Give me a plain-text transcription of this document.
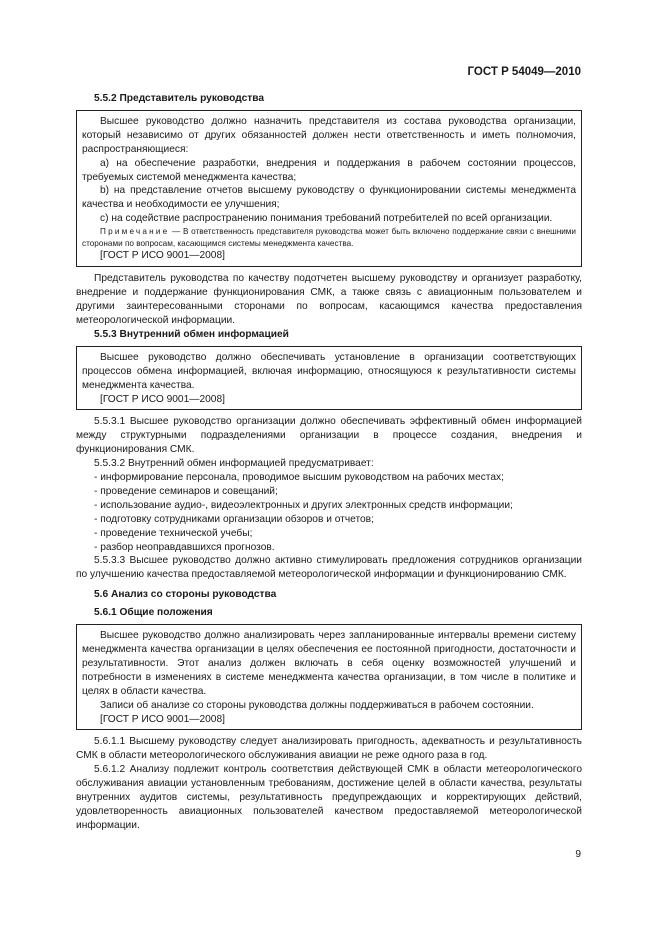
ГОСТ Р 54049—2010

5.5.2 Представитель руководства

Высшее руководство должно назначить представителя из состава руководства организации, который независимо от других обязанностей должен нести ответственность и иметь полномочия, распространяющиеся:

а) на обеспечение разработки, внедрения и поддержания в рабочем состоянии процессов, требуемых системой менеджмента качества;

b) на представление отчетов высшему руководству о функционировании системы менеджмента качества и необходимости ее улучшения;

с) на содействие распространению понимания требований потребителей по всей организации.

Примечание — В ответственность представителя руководства может быть включено поддержание связи с внешними сторонами по вопросам, касающимся системы менеджмента качества.

[ГОСТ Р ИСО 9001—2008]

Представитель руководства по качеству подотчетен высшему руководству и организует разработку, внедрение и поддержание функционирования СМК, а также связь с авиационным пользователем и другими заинтересованными сторонами по вопросам, касающимся качества предоставления метеорологической информации.

5.5.3 Внутренний обмен информацией

Высшее руководство должно обеспечивать установление в организации соответствующих процессов обмена информацией, включая информацию, относящуюся к результативности системы менеджмента качества.

[ГОСТ Р ИСО 9001—2008]

5.5.3.1 Высшее руководство организации должно обеспечивать эффективный обмен информацией между структурными подразделениями организации в процессе создания, внедрения и функционирования СМК.

5.5.3.2 Внутренний обмен информацией предусматривает:

- информирование персонала, проводимое высшим руководством на рабочих местах;

- проведение семинаров и совещаний;

- использование аудио-, видеоэлектронных и других электронных средств информации;

- подготовку сотрудниками организации обзоров и отчетов;

- проведение технической учебы;

- разбор неоправдавшихся прогнозов.

5.5.3.3 Высшее руководство должно активно стимулировать предложения сотрудников организации по улучшению качества предоставляемой метеорологической информации и функционированию СМК.

5.6 Анализ со стороны руководства

5.6.1 Общие положения

Высшее руководство должно анализировать через запланированные интервалы времени систему менеджмента качества организации в целях обеспечения ее постоянной пригодности, достаточности и результативности. Этот анализ должен включать в себя оценку возможностей улучшений и потребности в изменениях в системе менеджмента качества организации, в том числе в политике и целях в области качества.

Записи об анализе со стороны руководства должны поддерживаться в рабочем состоянии.

[ГОСТ Р ИСО 9001—2008]

5.6.1.1 Высшему руководству следует анализировать пригодность, адекватность и результативность СМК в области метеорологического обслуживания авиации не реже одного раза в год.

5.6.1.2 Анализу подлежит контроль соответствия действующей СМК в области метеорологического обслуживания авиации установленным требованиям, достижение целей в области качества, результаты внутренних аудитов системы, результативность предупреждающих и корректирующих действий, удовлетворенность авиационных пользователей качеством предоставляемой метеорологической информации.

9
